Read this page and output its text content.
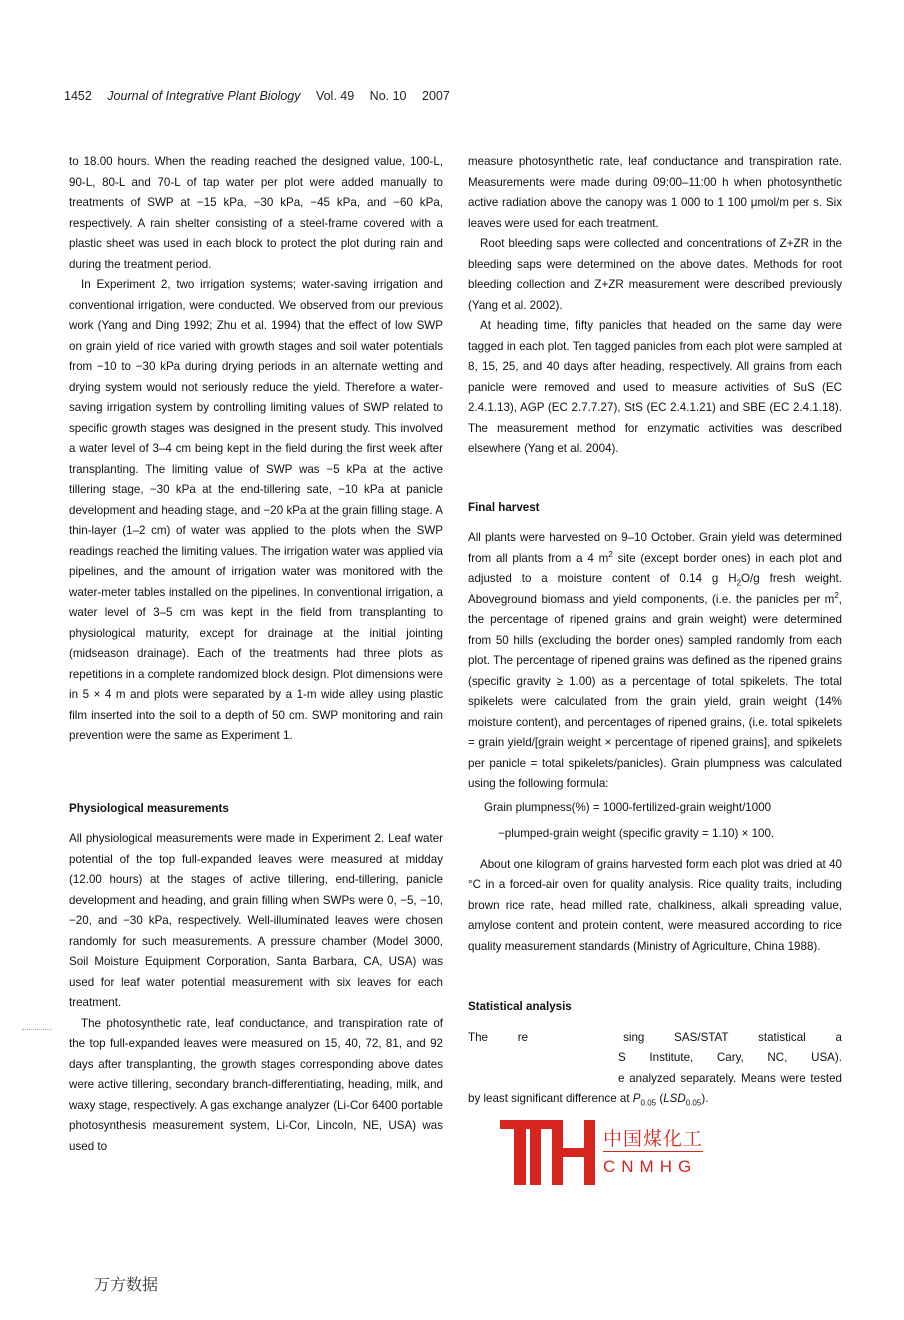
1452 Journal of Integrative Plant Biology Vol. 49 No. 10 2007

to 18.00 hours. When the reading reached the designed value, 100-L, 90-L, 80-L and 70-L of tap water per plot were added manually to treatments of SWP at −15 kPa, −30 kPa, −45 kPa, and −60 kPa, respectively. A rain shelter consisting of a steel-frame covered with a plastic sheet was used in each block to protect the plot during rain and during the treatment period.

In Experiment 2, two irrigation systems; water-saving irrigation and conventional irrigation, were conducted. We observed from our previous work (Yang and Ding 1992; Zhu et al. 1994) that the effect of low SWP on grain yield of rice varied with growth stages and soil water potentials from −10 to −30 kPa during drying periods in an alternate wetting and drying system would not seriously reduce the yield. Therefore a water-saving irrigation system by controlling limiting values of SWP related to specific growth stages was designed in the present study. This involved a water level of 3–4 cm being kept in the field during the first week after transplanting. The limiting value of SWP was −5 kPa at the active tillering stage, −30 kPa at the end-tillering sate, −10 kPa at panicle development and heading stage, and −20 kPa at the grain filling stage. A thin-layer (1–2 cm) of water was applied to the plots when the SWP readings reached the limiting values. The irrigation water was applied via pipelines, and the amount of irrigation water was monitored with the water-meter tables installed on the pipelines. In conventional irrigation, a water level of 3–5 cm was kept in the field from transplanting to physiological maturity, except for drainage at the initial jointing (midseason drainage). Each of the treatments had three plots as repetitions in a complete randomized block design. Plot dimensions were in 5 × 4 m and plots were separated by a 1-m wide alley using plastic film inserted into the soil to a depth of 50 cm. SWP monitoring and rain prevention were the same as Experiment 1.

Physiological measurements

All physiological measurements were made in Experiment 2. Leaf water potential of the top full-expanded leaves were measured at midday (12.00 hours) at the stages of active tillering, end-tillering, panicle development and heading, and grain filling when SWPs were 0, −5, −10, −20, and −30 kPa, respectively. Well-illuminated leaves were chosen randomly for such measurements. A pressure chamber (Model 3000, Soil Moisture Equipment Corporation, Santa Barbara, CA, USA) was used for leaf water potential measurement with six leaves for each treatment.

The photosynthetic rate, leaf conductance, and transpiration rate of the top full-expanded leaves were measured on 15, 40, 72, 81, and 92 days after transplanting, the growth stages corresponding above dates were active tillering, secondary branch-differentiating, heading, milk, and waxy stage, respectively. A gas exchange analyzer (Li-Cor 6400 portable photosynthesis measurement system, Li-Cor, Lincoln, NE, USA) was used to

measure photosynthetic rate, leaf conductance and transpiration rate. Measurements were made during 09:00–11:00 h when photosynthetic active radiation above the canopy was 1 000 to 1 100 μmol/m per s. Six leaves were used for each treatment.

Root bleeding saps were collected and concentrations of Z+ZR in the bleeding saps were determined on the above dates. Methods for root bleeding collection and Z+ZR measurement were described previously (Yang et al. 2002).

At heading time, fifty panicles that headed on the same day were tagged in each plot. Ten tagged panicles from each plot were sampled at 8, 15, 25, and 40 days after heading, respectively. All grains from each panicle were removed and used to measure activities of SuS (EC 2.4.1.13), AGP (EC 2.7.7.27), StS (EC 2.4.1.21) and SBE (EC 2.4.1.18). The measurement method for enzymatic activities was described elsewhere (Yang et al. 2004).

Final harvest

All plants were harvested on 9–10 October. Grain yield was determined from all plants from a 4 $m^2$ site (except border ones) in each plot and adjusted to a moisture content of 0.14 g $H_2O/g$ fresh weight. Aboveground biomass and yield components, (i.e. the panicles per $m^2$, the percentage of ripened grains and grain weight) were determined from 50 hills (excluding the border ones) sampled randomly from each plot. The percentage of ripened grains was defined as the ripened grains (specific gravity ≥ 1.00) as a percentage of total spikelets. The total spikelets were calculated from the grain yield, grain weight (14% moisture content), and percentages of ripened grains, (i.e. total spikelets = grain yield/[grain weight × percentage of ripened grains], and spikelets per panicle = total spikelets/panicles). Grain plumpness was calculated using the following formula:

Grain plumpness(%) = 1000-fertilized-grain weight/1000
−plumped-grain weight (specific gravity = 1.10) × 100.

About one kilogram of grains harvested form each plot was dried at 40 °C in a forced-air oven for quality analysis. Rice quality traits, including brown rice rate, head milled rate, chalkiness, alkali spreading value, amylose content and protein content, were measured according to rice quality measurement standards (Ministry of Agriculture, China 1988).

Statistical analysis

The re	sing SAS/STAT statistical aS Institute, Cary, NC, USA).e analyzed separately. Means were tested by least significant difference at $P_{0.05}$ $(LSD_{0.05})$.

中国煤化工
CNMHG
万方数据
